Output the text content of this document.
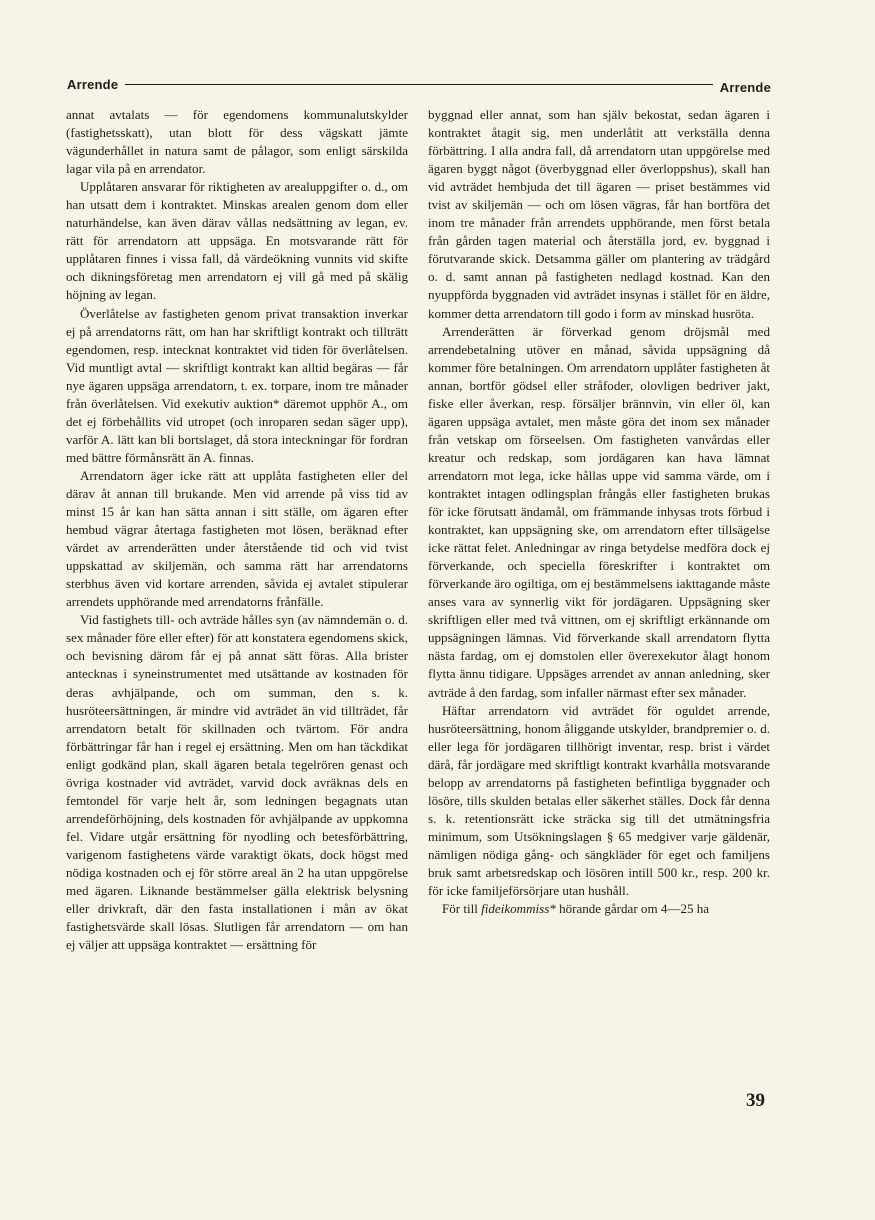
Arrende	Arrende

annat avtalats — för egendomens kommunalutskylder (fastighetsskatt), utan blott för dess vägskatt jämte vägunderhållet in natura samt de pålagor, som enligt särskilda lagar vila på en arrendator.

Upplåtaren ansvarar för riktigheten av arealuppgifter o. d., om han utsatt dem i kontraktet. Minskas arealen genom dom eller naturhändelse, kan även därav vållas nedsättning av legan, ev. rätt för arrendatorn att uppsäga. En motsvarande rätt för upplåtaren finnes i vissa fall, då värdeökning vunnits vid skifte och dikningsföretag men arrendatorn ej vill gå med på skälig höjning av legan.

Överlåtelse av fastigheten genom privat transaktion inverkar ej på arrendatorns rätt, om han har skriftligt kontrakt och tillträtt egendomen, resp. intecknat kontraktet vid tiden för överlåtelsen. Vid muntligt avtal — skriftligt kontrakt kan alltid begäras — får nye ägaren uppsäga arrendatorn, t. ex. torpare, inom tre månader från överlåtelsen. Vid exekutiv auktion* däremot upphör A., om det ej förbehållits vid utropet (och inroparen sedan säger upp), varför A. lätt kan bli bortslaget, då stora inteckningar för fordran med bättre förmånsrätt än A. finnas.

Arrendatorn äger icke rätt att upplåta fastigheten eller del därav åt annan till brukande. Men vid arrende på viss tid av minst 15 år kan han sätta annan i sitt ställe, om ägaren efter hembud vägrar återtaga fastigheten mot lösen, beräknad efter värdet av arrenderätten under återstående tid och vid tvist uppskattad av skiljemän, och samma rätt har arrendatorns sterbhus även vid kortare arrenden, såvida ej avtalet stipulerar arrendets upphörande med arrendatorns frånfälle.

Vid fastighets till- och avträde hålles syn (av nämndemän o. d. sex månader före eller efter) för att konstatera egendomens skick, och bevisning därom får ej på annat sätt föras. Alla brister antecknas i syneinstrumentet med utsättande av kostnaden för deras avhjälpande, och om summan, den s. k. husröteersättningen, är mindre vid avträdet än vid tillträdet, får arrendatorn betalt för skillnaden och tvärtom. För andra förbättringar får han i regel ej ersättning. Men om han täckdikat enligt godkänd plan, skall ägaren betala tegelrören genast och övriga kostnader vid avträdet, varvid dock avräknas dels en femtondel för varje helt år, som ledningen begagnats utan arrendeförhöjning, dels kostnaden för avhjälpande av uppkomna fel. Vidare utgår ersättning för nyodling och betesförbättring, varigenom fastighetens värde varaktigt ökats, dock högst med nödiga kostnaden och ej för större areal än 2 ha utan uppgörelse med ägaren. Liknande bestämmelser gälla elektrisk belysning eller drivkraft, där den fasta installationen i mån av ökat fastighetsvärde skall lösas. Slutligen får arrendatorn — om han ej väljer att uppsäga kontraktet — ersättning för

byggnad eller annat, som han själv bekostat, sedan ägaren i kontraktet åtagit sig, men underlåtit att verkställa denna förbättring. I alla andra fall, då arrendatorn utan uppgörelse med ägaren byggt något (överbyggnad eller överloppshus), skall han vid avträdet hembjuda det till ägaren — priset bestämmes vid tvist av skiljemän — och om lösen vägras, får han bortföra det inom tre månader från arrendets upphörande, men först betala från gården tagen material och återställa jord, ev. byggnad i förutvarande skick. Detsamma gäller om plantering av trädgård o. d. samt annan på fastigheten nedlagd kostnad. Kan den nyuppförda byggnaden vid avträdet insynas i stället för en äldre, kommer detta arrendatorn till godo i form av minskad husröta.

Arrenderätten är förverkad genom dröjsmål med arrendebetalning utöver en månad, såvida uppsägning då kommer före betalningen. Om arrendatorn upplåter fastigheten åt annan, bortför gödsel eller stråfoder, olovligen bedriver jakt, fiske eller åverkan, resp. försäljer brännvin, vin eller öl, kan ägaren uppsäga avtalet, men måste göra det inom sex månader från vetskap om förseelsen. Om fastigheten vanvårdas eller kreatur och redskap, som jordägaren kan hava lämnat arrendatorn mot lega, icke hållas uppe vid samma värde, om i kontraktet intagen odlingsplan frångås eller fastigheten brukas för icke förutsatt ändamål, om främmande inhysas trots förbud i kontraktet, kan uppsägning ske, om arrendatorn efter tillsägelse icke rättat felet. Anledningar av ringa betydelse medföra dock ej förverkande, och speciella föreskrifter i kontraktet om förverkande äro ogiltiga, om ej bestämmelsens iakttagande måste anses vara av synnerlig vikt för jordägaren. Uppsägning sker skriftligen eller med två vittnen, om ej skriftligt erkännande om uppsägningen lämnas. Vid förverkande skall arrendatorn flytta nästa fardag, om ej domstolen eller överexekutor ålagt honom flytta ännu tidigare. Uppsäges arrendet av annan anledning, sker avträde å den fardag, som infaller närmast efter sex månader.

Häftar arrendatorn vid avträdet för oguldet arrende, husröteersättning, honom åliggande utskylder, brandpremier o. d. eller lega för jordägaren tillhörigt inventar, resp. brist i värdet därå, får jordägare med skriftligt kontrakt kvarhålla motsvarande belopp av arrendatorns på fastigheten befintliga byggnader och lösöre, tills skulden betalas eller säkerhet ställes. Dock får denna s. k. retentionsrätt icke sträcka sig till det utmätningsfria minimum, som Utsökningslagen § 65 medgiver varje gäldenär, nämligen nödiga gång- och sängkläder för eget och familjens bruk samt arbetsredskap och lösören intill 500 kr., resp. 200 kr. för icke familjeförsörjare utan hushåll.

För till fideikommiss* hörande gårdar om 4—25 ha

39
